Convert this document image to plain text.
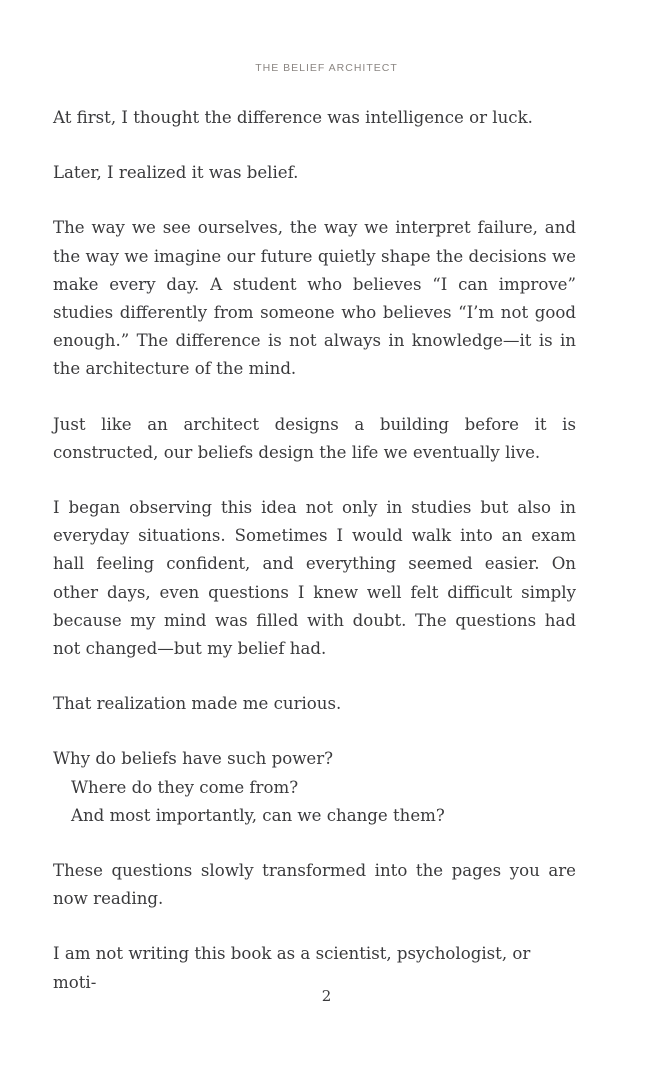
THE BELIEF ARCHITECT

At first, I thought the difference was intelligence or luck.

Later, I realized it was belief.

The way we see ourselves, the way we interpret failure, and the way we imagine our future quietly shape the decisions we make every day. A student who believes “I can improve” studies differently from someone who believes “I’m not good enough.” The difference is not always in knowledge—it is in the architecture of the mind.

Just like an architect designs a building before it is constructed, our beliefs design the life we eventually live.

I began observing this idea not only in studies but also in everyday situations. Sometimes I would walk into an exam hall feeling confident, and everything seemed easier. On other days, even questions I knew well felt difficult simply because my mind was filled with doubt. The questions had not changed—but my belief had.

That realization made me curious.

Why do beliefs have such power?
Where do they come from?
And most importantly, can we change them?

These questions slowly transformed into the pages you are now reading.

I am not writing this book as a scientist, psychologist, or moti-

2
